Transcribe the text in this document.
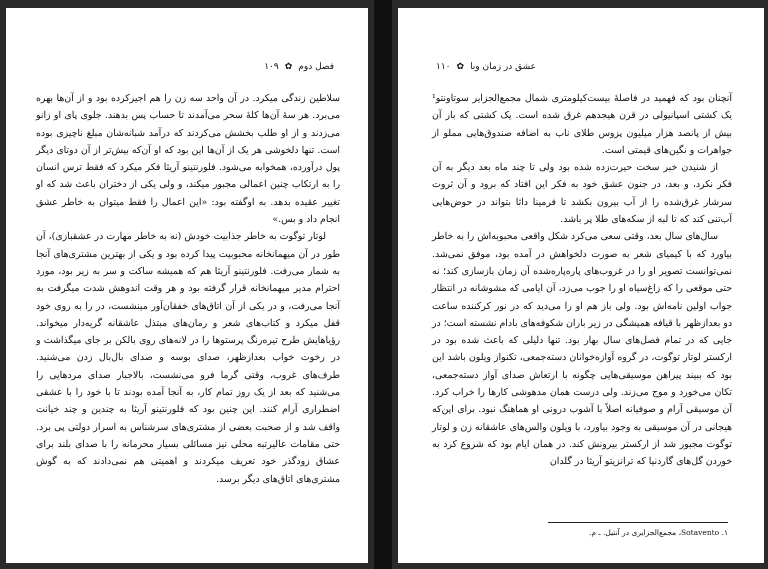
فصل دوم
✿
۱۰۹

سلاطین زندگی میکرد. در آن واحد سه زن را هم اجیرکرده بود و از آن‌ها بهره می‌برد. هر سهٔ آن‌ها کلهٔ سحر می‌آمدند تا حساب پس بدهند. جلوی پای او زانو می‌زدند و از او طلب بخشش می‌کردند که درآمد شبانه‌شان مبلغ ناچیزی بوده است. تنها دلخوشی هر یک از آن‌ها این بود که او آن‌که بیش‌تر از آن دوتای دیگر پول درآورده، همخوابه می‌شود. فلورنتینو آریثا فکر میکرد که فقط ترس انسان را به ارتکاب چنین اعمالی مجبور میکند، و ولی یکی از دختران باعث شد که او تغییر عقیده بدهد. به اوگفته بود: «این اعمال را فقط میتوان به خاطر عشق انجام داد و بس.»

لوتار توگوت به خاطر جذابیت خودش (نه به خاطر مهارت در عشقبازی)، آن طور در آن میهمانخانه محبوبیت پیدا کرده بود و یکی از بهترین مشتری‌های آنجا به شمار می‌رفت. فلورنتینو آریثا هم که همیشه ساکت و سر به زیر بود، مورد احترام مدیر میهمانخانه قرار گرفته بود و هر وقت اندوهش شدت میگرفت به آنجا می‌رفت، و در یکی از آن اتاق‌های خفقان‌آور مینشست، در را به روی خود قفل میکرد و کتاب‌های شعر و رمان‌های مبتذل عاشقانه گریه‌دار میخواند. رؤیاهایش طرح تیره‌رنگ پرستوها را در لانه‌های روی بالکن بر جای میگذاشت و در رخوت خواب بعدازظهر، صدای بوسه و صدای بال‌بال زدن می‌شنید. طرف‌های غروب، وقتی گرما فرو می‌نشست، بالاجبار صدای مردهایی را می‌شنید که بعد از یک روز تمام کار، به آنجا آمده بودند تا با خود را با عشقی اضطراری آرام کنند. این چنین بود که فلورنتینو آریثا به چندین و چند خیانت واقف شد و از صحبت بعضی از مشتری‌های سرشناس به اسرار دولتی پی برد. حتی مقامات عالیرتبه محلی نیز مسائلی بسیار محرمانه را با صدای بلند برای عشاق زودگذر خود تعریف میکردند و اهمیتی هم نمی‌دادند که به گوش مشتری‌های اتاق‌های دیگر برسد.

۱۱۰ ✿ عشق در زمان وبا

آنچنان بود که فهمید در فاصلهٔ بیست‌کیلومتری شمال مجمع‌الجزایر سوتاونتو¹ یک کشتی اسپانیولی در قرن هیجدهم غرق شده است. یک کشتی که بار آن بیش از پانصد هزار میلیون پزوس طلای ناب به اضافه صندوق‌هایی مملو از جواهرات و نگین‌های قیمتی است.

از شنیدن خبر سخت حیرت‌زده شده بود ولی تا چند ماه بعد دیگر به آن فکر نکرد، و بعد، در جنون عشق خود به فکر این افتاد که برود و آن ثروت سرشار غرق‌شده را از آب بیرون بکشد تا فرمینا داثا بتواند در حوض‌هایی آب‌تنی کند که تا لبه از سکه‌های طلا پر باشد.

سال‌های سال بعد، وقتی سعی می‌کرد شکل واقعی محبوبه‌اش را به خاطر بیاورد که با کیمیای شعر به صورت دلخواهش در آمده بود، موفق نمی‌شد. نمی‌توانست تصویر او را در غروب‌های پاره‌پاره‌شده آن زمان بازسازی کند؛ نه حتی موقعی را که زاغ‌سیاه او را جوب می‌زد، آن ایامی که مشوشانه در انتظار جواب اولین نامه‌اش بود. ولی باز هم او را می‌دید که در نور کرکننده ساعت دو بعدازظهر با قیافه همیشگی در زیر باران شکوفه‌های بادام نشسته است؛ در جایی که در تمام فصل‌های سال بهار بود. تنها دلیلی که باعث شده بود در ارکستر لوتار توگوت، در گروه آوازه‌خوانان دسته‌جمعی، تکنواز ویلون باشد این بود که ببیند پیراهن موسیقی‌هایی چگونه با ارتعاش صدای آواز دسته‌جمعی، تکان می‌خورد و موج می‌زند. ولی درست همان مدهوشی کارها را خراب کرد. آن موسیقی آرام و صوفیانه اصلاً با آشوب درونی او هماهنگ نبود. برای این‌که هیجانی در آن موسیقی به وجود بیاورد، با ویلون والس‌های عاشقانه زن و لوتار توگوت مجبور شد از ارکستر بیرونش کند. در همان ایام بود که شروع کرد به خوردن گل‌های گاردنیا که ترانزیتو آریثا در گلدان

۱. Sotavento، مجمع‌الجزایری در آنتیل. ـ م.
